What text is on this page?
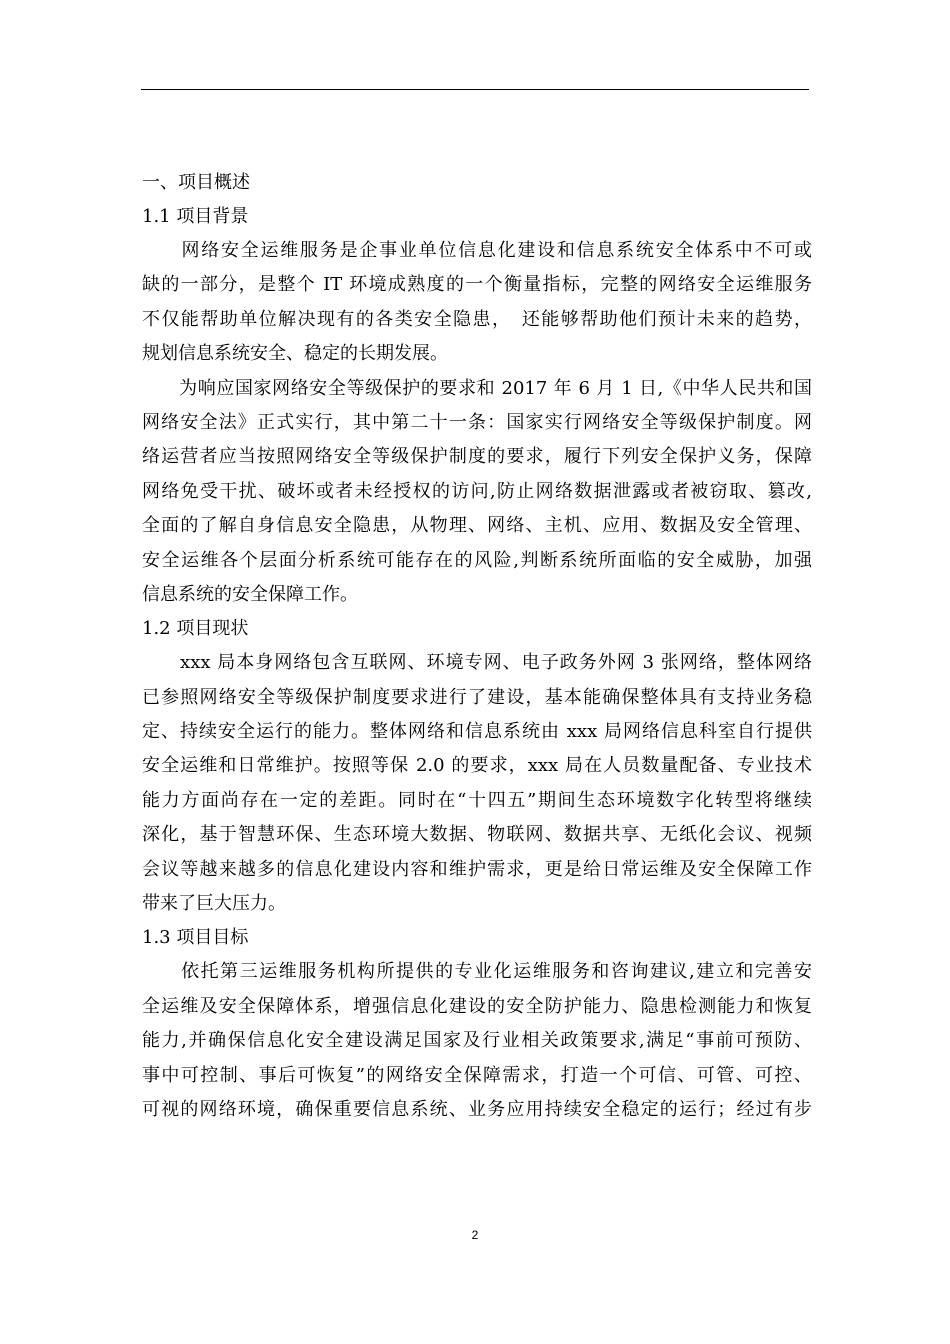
一、项目概述
1.1 项目背景
　　网络安全运维服务是企事业单位信息化建设和信息系统安全体系中不可或
缺的一部分，是整个 IT 环境成熟度的一个衡量指标，完整的网络安全运维服务
不仅能帮助单位解决现有的各类安全隐患，　还能够帮助他们预计未来的趋势，
规划信息系统安全、稳定的长期发展。
　　为响应国家网络安全等级保护的要求和 2017 年 6 月 1 日,《中华人民共和国
网络安全法》正式实行，其中第二十一条：国家实行网络安全等级保护制度。网
络运营者应当按照网络安全等级保护制度的要求，履行下列安全保护义务，保障
网络免受干扰、破坏或者未经授权的访问,防止网络数据泄露或者被窃取、篡改,
全面的了解自身信息安全隐患，从物理、网络、主机、应用、数据及安全管理、
安全运维各个层面分析系统可能存在的风险,判断系统所面临的安全威胁，加强
信息系统的安全保障工作。
1.2 项目现状
　　xxx 局本身网络包含互联网、环境专网、电子政务外网 3 张网络，整体网络
已参照网络安全等级保护制度要求进行了建设，基本能确保整体具有支持业务稳
定、持续安全运行的能力。整体网络和信息系统由 xxx 局网络信息科室自行提供
安全运维和日常维护。按照等保 2.0 的要求，xxx 局在人员数量配备、专业技术
能力方面尚存在一定的差距。同时在“十四五”期间生态环境数字化转型将继续
深化，基于智慧环保、生态环境大数据、物联网、数据共享、无纸化会议、视频
会议等越来越多的信息化建设内容和维护需求，更是给日常运维及安全保障工作
带来了巨大压力。
1.3 项目目标
　　依托第三运维服务机构所提供的专业化运维服务和咨询建议,建立和完善安
全运维及安全保障体系，增强信息化建设的安全防护能力、隐患检测能力和恢复
能力,并确保信息化安全建设满足国家及行业相关政策要求,满足“事前可预防、
事中可控制、事后可恢复”的网络安全保障需求，打造一个可信、可管、可控、
可视的网络环境，确保重要信息系统、业务应用持续安全稳定的运行；经过有步
2
